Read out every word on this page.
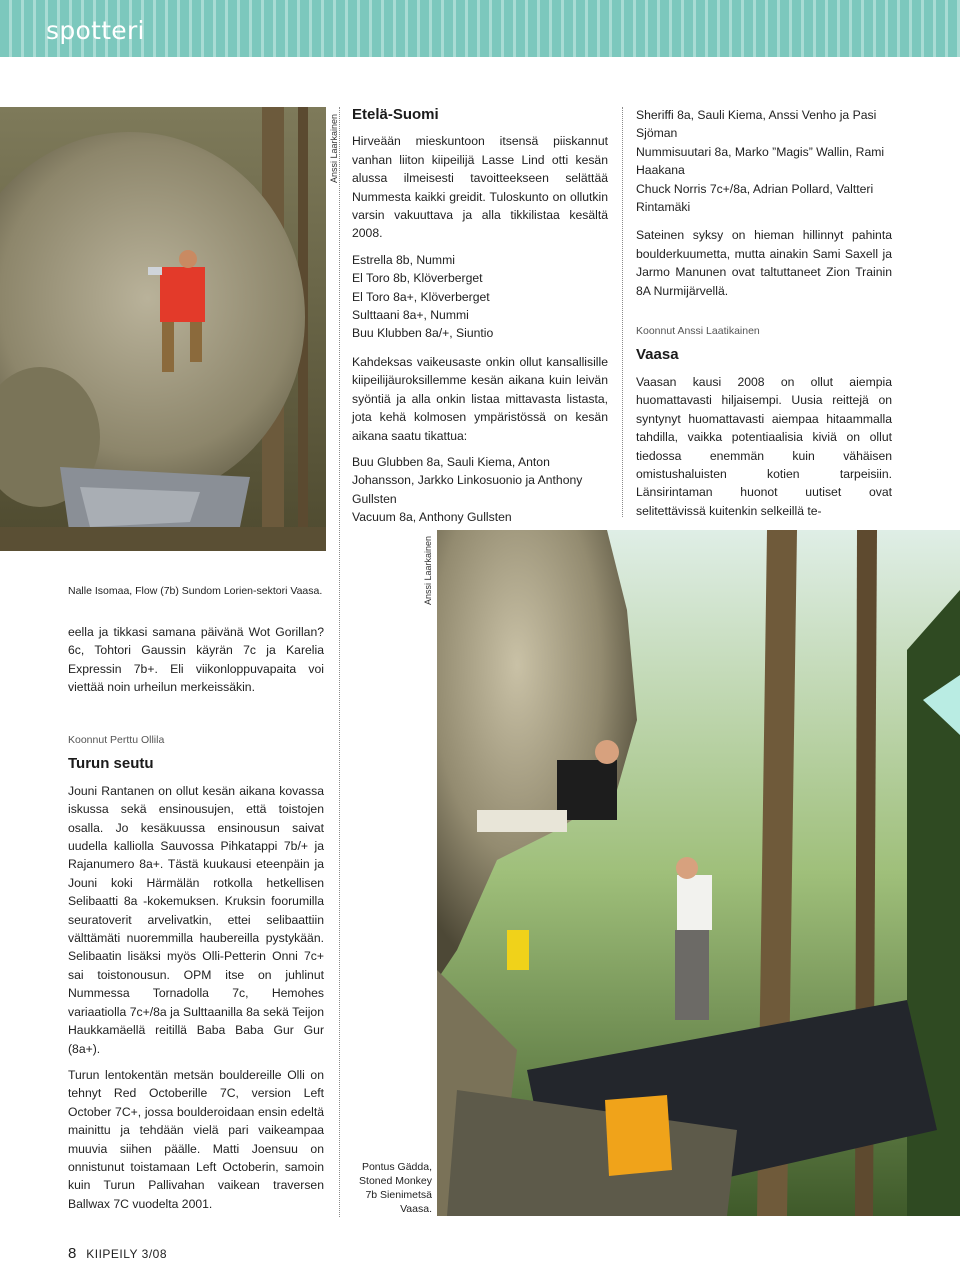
spotteri
Anssi Laarkainen
Nalle Isomaa, Flow (7b) Sundom Lorien-sektori Vaasa.
Etelä-Suomi

Hirveään mieskuntoon itsensä piiskannut vanhan liiton kiipeilijä Lasse Lind otti kesän alussa ilmeisesti tavoitteekseen selättää Nummesta kaikki greidit. Tuloskunto on ollutkin varsin vakuuttava ja alla tikkilistaa kesältä 2008.

Estrella 8b, Nummi

El Toro 8b, Klöverberget

El Toro 8a+, Klöverberget

Sulttaani 8a+, Nummi

Buu Klubben 8a/+, Siuntio

Kahdeksas vaikeusaste onkin ollut kansallisille kiipeilijäuroksillemme kesän aikana kuin leivän syöntiä ja alla onkin listaa mittavasta listasta, jota kehä kolmosen ympäristössä on kesän aikana saatu tikattua:

Buu Glubben 8a, Sauli Kiema, Anton Johansson, Jarkko Linkosuonio ja Anthony Gullsten

Vacuum 8a, Anthony Gullsten

Sheriffi 8a, Sauli Kiema, Anssi Venho ja Pasi Sjöman

Nummisuutari 8a, Marko ”Magis” Wallin, Rami Haakana

Chuck Norris 7c+/8a, Adrian Pollard, Valtteri Rintamäki

Sateinen syksy on hieman hillinnyt pahinta boulderkuumetta, mutta ainakin Sami Saxell ja Jarmo Manunen ovat taltuttaneet Zion Trainin 8A Nurmijärvellä.

Koonnut Anssi Laatikainen
Vaasa

Vaasan kausi 2008 on ollut aiempia huomattavasti hiljaisempi. Uusia reittejä on syntynyt huomattavasti aiempaa hitaammalla tahdilla, vaikka potentiaalisia kiviä on ollut tiedossa enemmän kuin vähäisen omistushaluisten kotien tarpeisiin. Länsirintaman huonot uutiset ovat selitettävissä kuitenkin selkeillä te-

eella ja tikkasi samana päivänä Wot Gorillan? 6c, Tohtori Gaussin käyrän 7c ja Karelia Expressin 7b+. Eli viikonloppuvapaita voi viettää noin urheilun merkeissäkin.

Koonnut Perttu Ollila
Turun seutu

Jouni Rantanen on ollut kesän aikana kovassa iskussa sekä ensinousujen, että toistojen osalla. Jo kesäkuussa ensinousun saivat uudella kalliolla Sauvossa Pihkatappi 7b/+ ja Rajanumero 8a+. Tästä kuukausi eteenpäin ja Jouni koki Härmälän rotkolla hetkellisen Selibaatti 8a -kokemuksen. Kruksin foorumilla seuratoverit arvelivatkin, ettei selibaattiin välttämäti nuoremmilla haubereilla pystykään. Selibaatin lisäksi myös Olli-Petterin Onni 7c+ sai toistonousun. OPM itse on juhlinut Nummessa Tornadolla 7c, Hemohes variaatiolla 7c+/8a ja Sulttaanilla 8a sekä Teijon Haukkamäellä reitillä Baba Baba Gur Gur (8a+).

Turun lentokentän metsän bouldereille Olli on tehnyt Red Octoberille 7C, version Left October 7C+, jossa boulderoidaan ensin edeltä mainittu ja tehdään vielä pari vaikeampaa muuvia siihen päälle. Matti Joensuu on onnistunut toistamaan Left Octoberin, samoin kuin Turun Pallivahan vaikean traversen Ballwax 7C vuodelta 2001.

Anssi Laarkainen
Pontus Gädda, Stoned Monkey 7b Sienimetsä Vaasa.
8 KIIPEILY 3/08
